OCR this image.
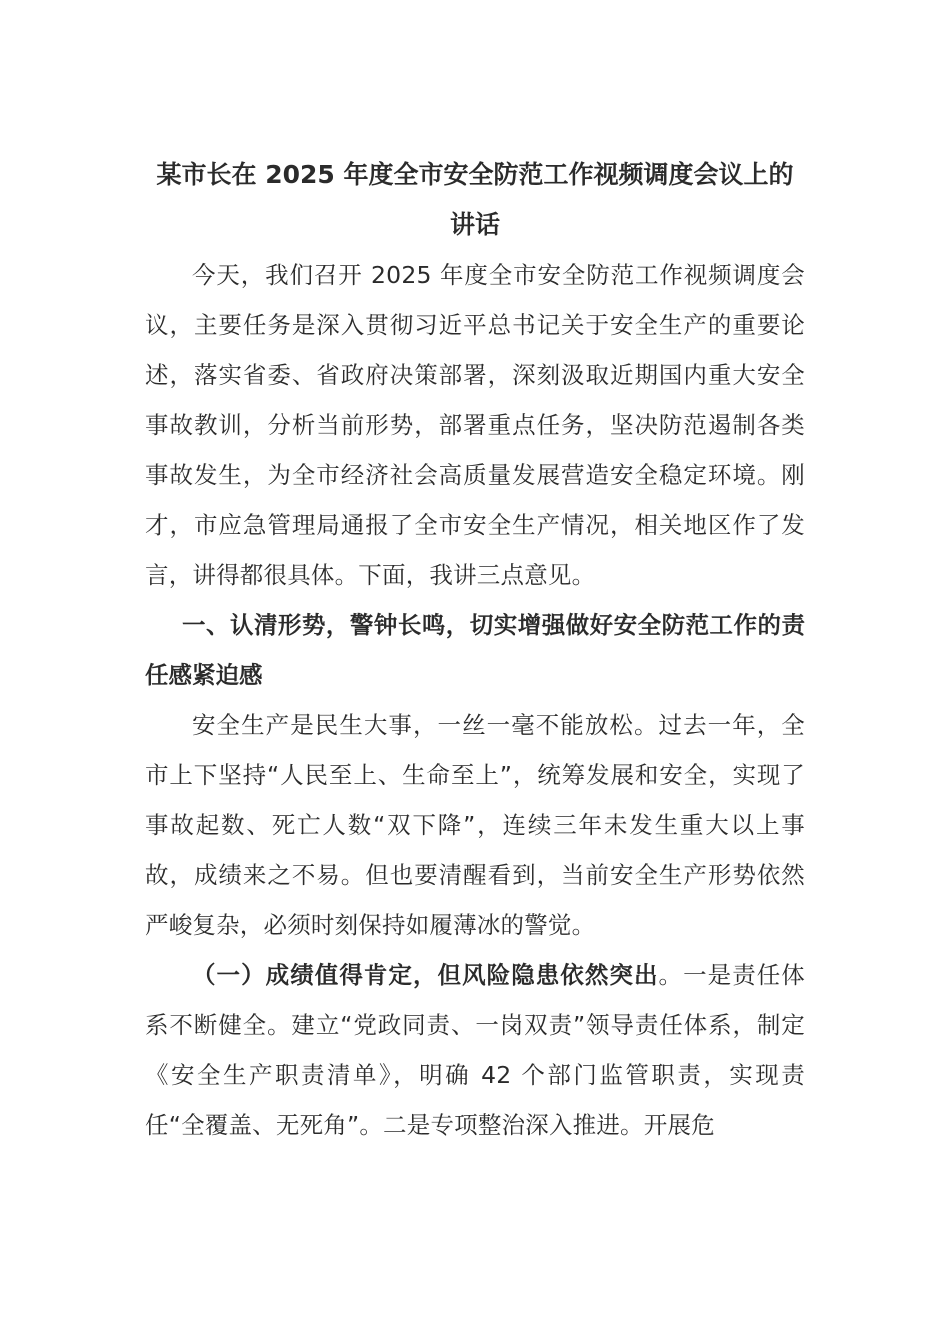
某市长在 2025 年度全市安全防范工作视频调度会议上的
讲话

今天，我们召开 2025 年度全市安全防范工作视频调度会议，主要任务是深入贯彻习近平总书记关于安全生产的重要论述，落实省委、省政府决策部署，深刻汲取近期国内重大安全事故教训，分析当前形势，部署重点任务，坚决防范遏制各类事故发生，为全市经济社会高质量发展营造安全稳定环境。刚才，市应急管理局通报了全市安全生产情况，相关地区作了发言，讲得都很具体。下面，我讲三点意见。

一、认清形势，警钟长鸣，切实增强做好安全防范工作的责任感紧迫感

安全生产是民生大事，一丝一毫不能放松。过去一年，全市上下坚持“人民至上、生命至上”，统筹发展和安全，实现了事故起数、死亡人数“双下降”，连续三年未发生重大以上事故，成绩来之不易。但也要清醒看到，当前安全生产形势依然严峻复杂，必须时刻保持如履薄冰的警觉。

（一）成绩值得肯定，但风险隐患依然突出。一是责任体系不断健全。建立“党政同责、一岗双责”领导责任体系，制定《安全生产职责清单》，明确 42 个部门监管职责，实现责任“全覆盖、无死角”。二是专项整治深入推进。开展危
